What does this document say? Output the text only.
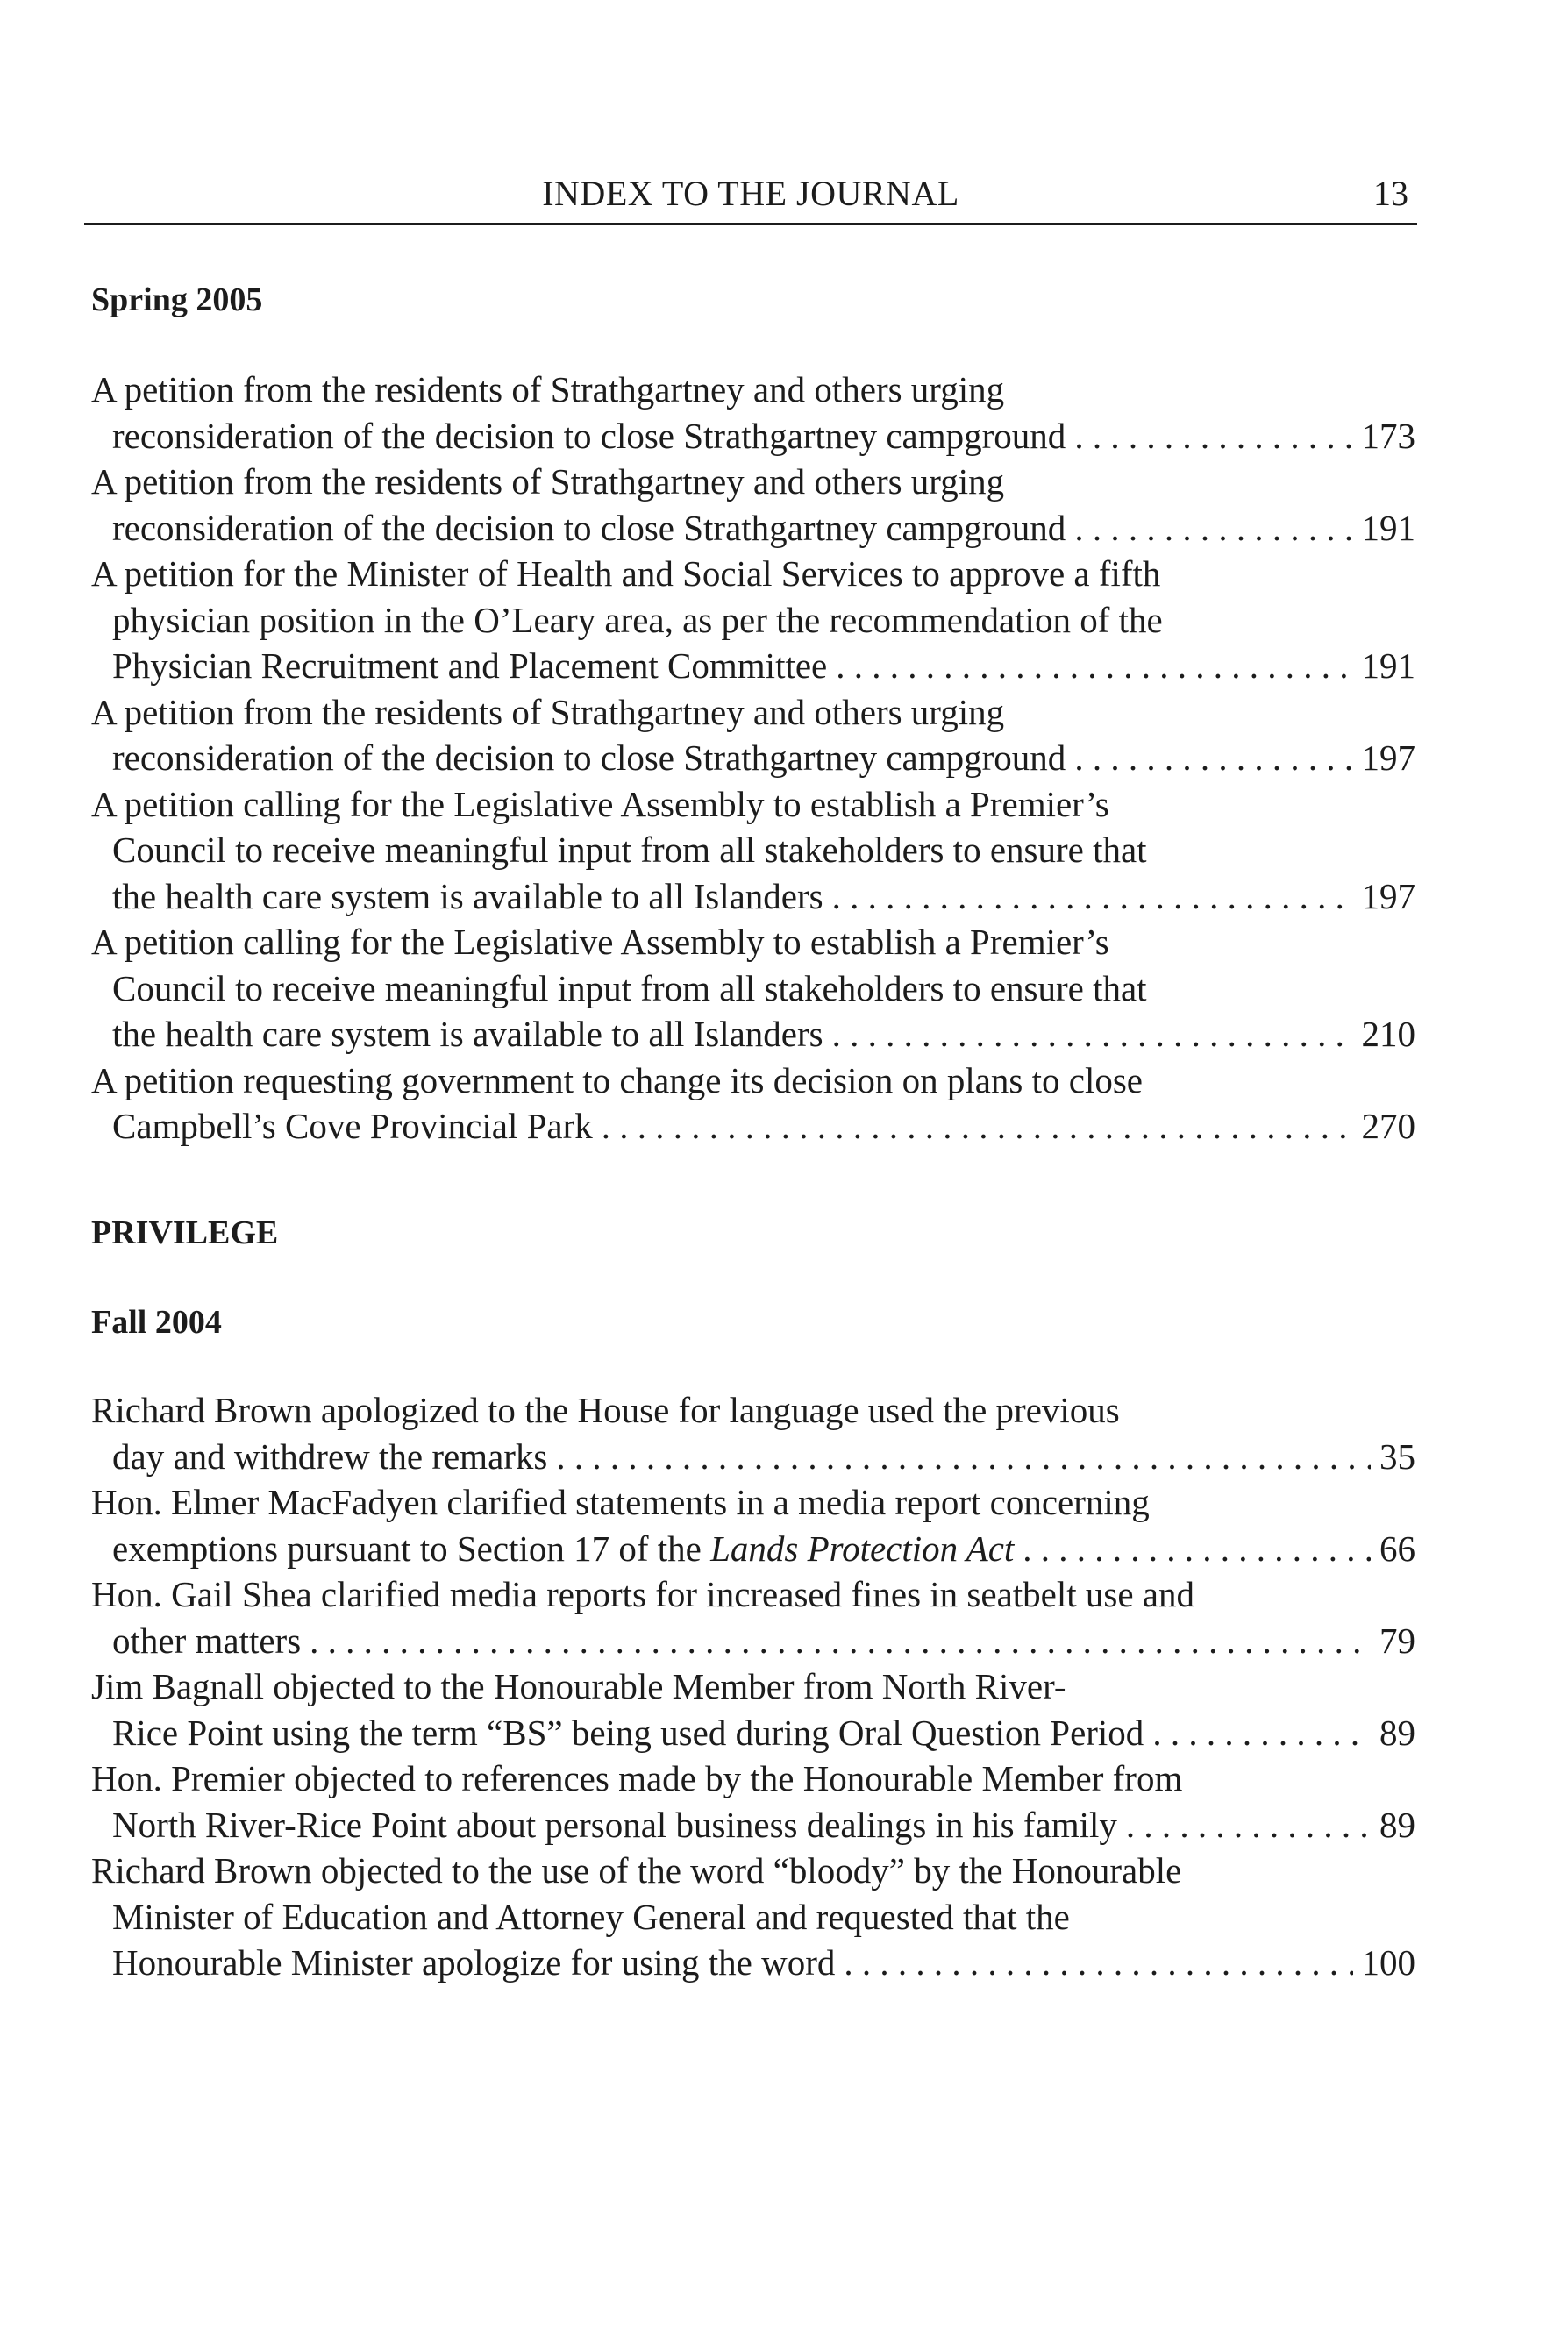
INDEX TO THE JOURNAL	13
Spring 2005
A petition from the residents of Strathgartney and others urging
reconsideration of the decision to close Strathgartney campground . . .	173
A petition from the residents of Strathgartney and others urging
reconsideration of the decision to close Strathgartney campground . . .	191
A petition for the Minister of Health and Social Services to approve a fifth
physician position in the O’Leary area, as per the recommendation of the
Physician Recruitment and Placement Committee . . .	191
A petition from the residents of Strathgartney and others urging
reconsideration of the decision to close Strathgartney campground . . .	197
A petition calling for the Legislative Assembly to establish a Premier’s
Council to receive meaningful input from all stakeholders to ensure that
the health care system is available to all Islanders . . .	197
A petition calling for the Legislative Assembly to establish a Premier’s
Council to receive meaningful input from all stakeholders to ensure that
the health care system is available to all Islanders . . .	210
A petition requesting government to change its decision on plans to close
Campbell’s Cove Provincial Park . . .	270
PRIVILEGE
Fall 2004
Richard Brown apologized to the House for language used the previous
day and withdrew the remarks . . .	35
Hon. Elmer MacFadyen clarified statements in a media report concerning
exemptions pursuant to Section 17 of the Lands Protection Act . . .	66
Hon. Gail Shea clarified media reports for increased fines in seatbelt use and
other matters . . .	79
Jim Bagnall objected to the Honourable Member from North River-
Rice Point using the term “BS” being used during Oral Question Period . . .	89
Hon. Premier objected to references made by the Honourable Member from
North River-Rice Point about personal business dealings in his family . . .	89
Richard Brown objected to the use of the word “bloody” by the Honourable
Minister of Education and Attorney General and requested that the
Honourable Minister apologize for using the word . . .	100
